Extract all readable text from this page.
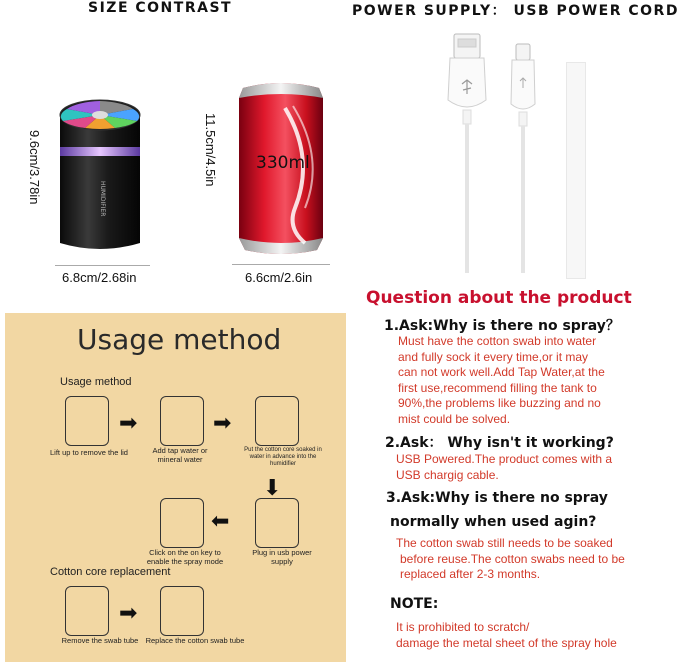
SIZE CONTRAST	POWER SUPPLY： USB POWER CORD
HUMIDIFIER
9.6cm/3.78in
6.8cm/2.68in
330ml
11.5cm/4.5in
6.6cm/2.6in
Usage method
Usage method
➡	➡
Lift up to remove the lid	Add tap water or
mineral water
Put the cotton core soaked in
water in advance into the
humidifier
⬇
⬅
Click on the on key to
enable the spray mode
Plug in usb power
supply
Cotton core replacement
➡
Remove the swab tube Replace the cotton swab tube
Question about the product
1.Ask:Why is there no spray？
Must have the cotton swab into water
and fully sock it every time,or it may
can not work well.Add Tap Water,at the
first use,recommend filling the tank to
90%,the problems like buzzing and no
mist could be solved.
2.Ask： Why isn't it working?
USB Powered.The product comes with a
USB chargig cable.
3.Ask:Why is there no spray
normally when used agin?
The cotton swab still needs to be soaked
before reuse.The cotton swabs need to be
replaced after 2-3 months.
NOTE:
It is prohibited to scratch/
damage the metal sheet of the spray hole
